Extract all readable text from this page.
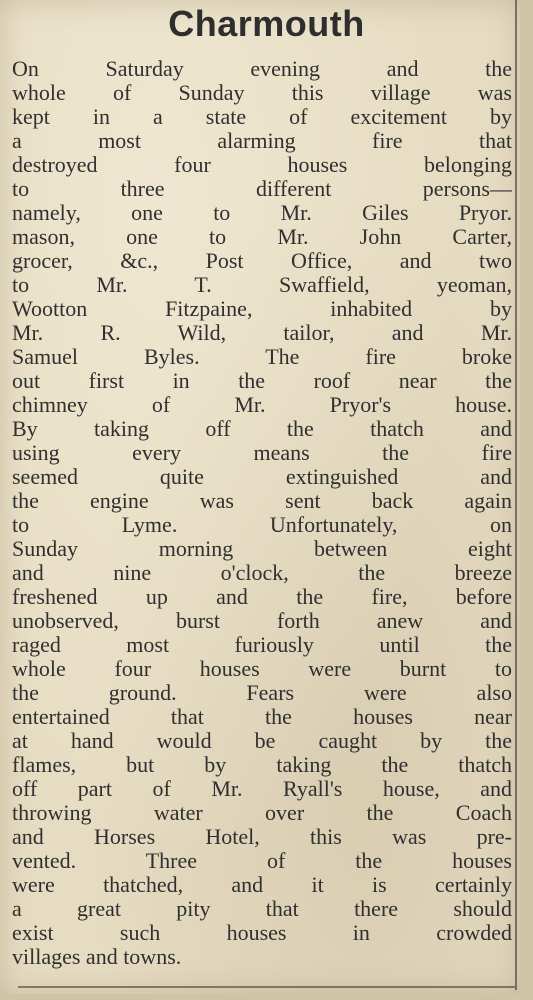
Charmouth
On Saturday evening and the
whole of Sunday this village was
kept in a state of excitement by
a most alarming fire that
destroyed four houses belonging
to three different persons—
namely, one to Mr. Giles Pryor.
mason, one to Mr. John Carter,
grocer, &c., Post Office, and two
to Mr. T. Swaffield, yeoman,
Wootton Fitzpaine, inhabited by
Mr. R. Wild, tailor, and Mr.
Samuel Byles. The fire broke
out first in the roof near the
chimney of Mr. Pryor's house.
By taking off the thatch and
using every means the fire
seemed quite extinguished and
the engine was sent back again
to Lyme. Unfortunately, on
Sunday morning between eight
and nine o'clock, the breeze
freshened up and the fire, before
unobserved, burst forth anew and
raged most furiously until the
whole four houses were burnt to
the ground. Fears were also
entertained that the houses near
at hand would be caught by the
flames, but by taking the thatch
off part of Mr. Ryall's house, and
throwing water over the Coach
and Horses Hotel, this was pre-
vented. Three of the houses
were thatched, and it is certainly
a great pity that there should
exist such houses in crowded
villages and towns.
